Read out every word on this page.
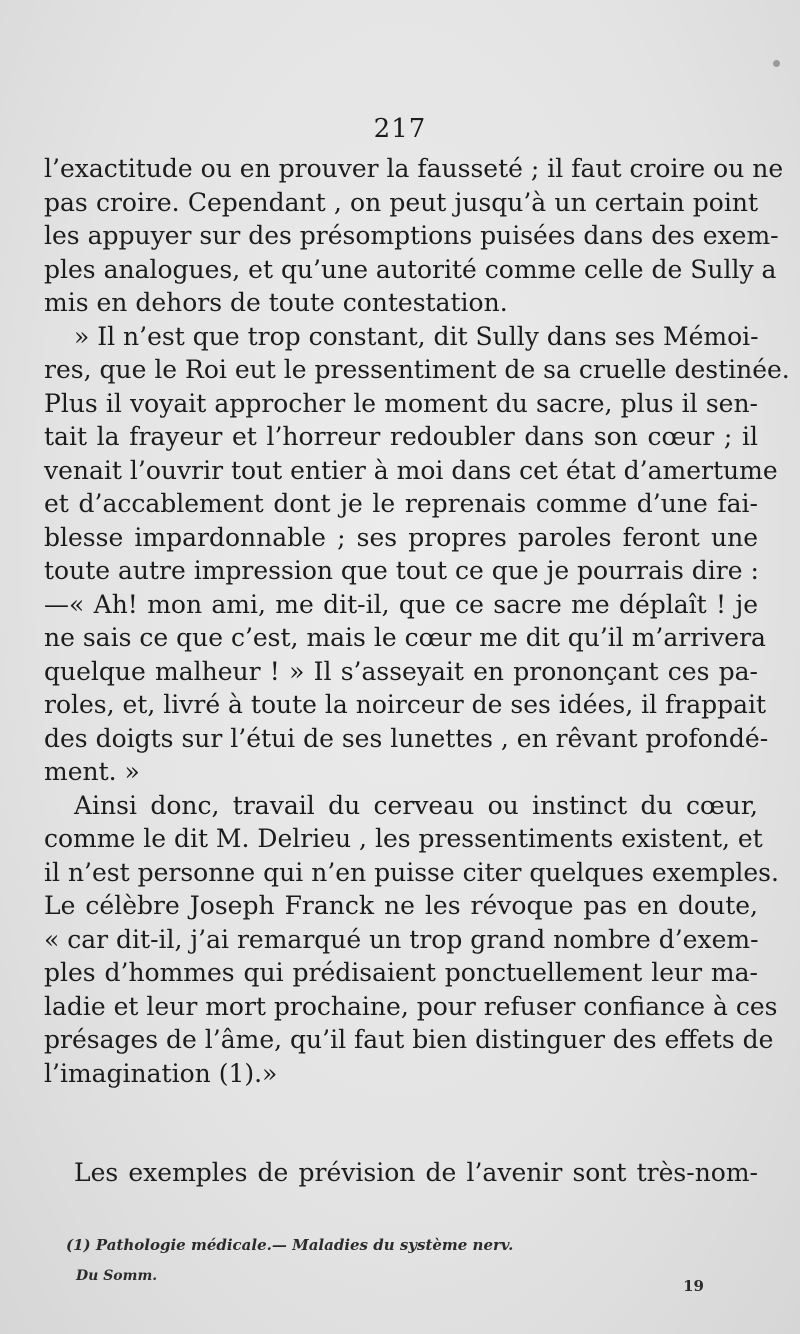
217
l’exactitude ou en prouver la fausseté ; il faut croire ou ne
pas croire. Cependant , on peut jusqu’à un certain point
les appuyer sur des présomptions puisées dans des exem-
ples analogues, et qu’une autorité comme celle de Sully a
mis en dehors de toute contestation.
» Il n’est que trop constant, dit Sully dans ses Mémoi-
res, que le Roi eut le pressentiment de sa cruelle destinée.
Plus il voyait approcher le moment du sacre, plus il sen-
tait la frayeur et l’horreur redoubler dans son cœur ; il
venait l’ouvrir tout entier à moi dans cet état d’amertume
et d’accablement dont je le reprenais comme d’une fai-
blesse impardonnable ; ses propres paroles feront une
toute autre impression que tout ce que je pourrais dire :
—« Ah! mon ami, me dit-il, que ce sacre me déplaît ! je
ne sais ce que c’est, mais le cœur me dit qu’il m’arrivera
quelque malheur ! » Il s’asseyait en prononçant ces pa-
roles, et, livré à toute la noirceur de ses idées, il frappait
des doigts sur l’étui de ses lunettes , en rêvant profondé-
ment. »
Ainsi donc, travail du cerveau ou instinct du cœur,
comme le dit M. Delrieu , les pressentiments existent, et
il n’est personne qui n’en puisse citer quelques exemples.
Le célèbre Joseph Franck ne les révoque pas en doute,
« car dit-il, j’ai remarqué un trop grand nombre d’exem-
ples d’hommes qui prédisaient ponctuellement leur ma-
ladie et leur mort prochaine, pour refuser confiance à ces
présages de l’âme, qu’il faut bien distinguer des effets de
l’imagination (1).»
Les exemples de prévision de l’avenir sont très-nom-
(1) Pathologie médicale.— Maladies du système nerv.
Du Somm.
19
